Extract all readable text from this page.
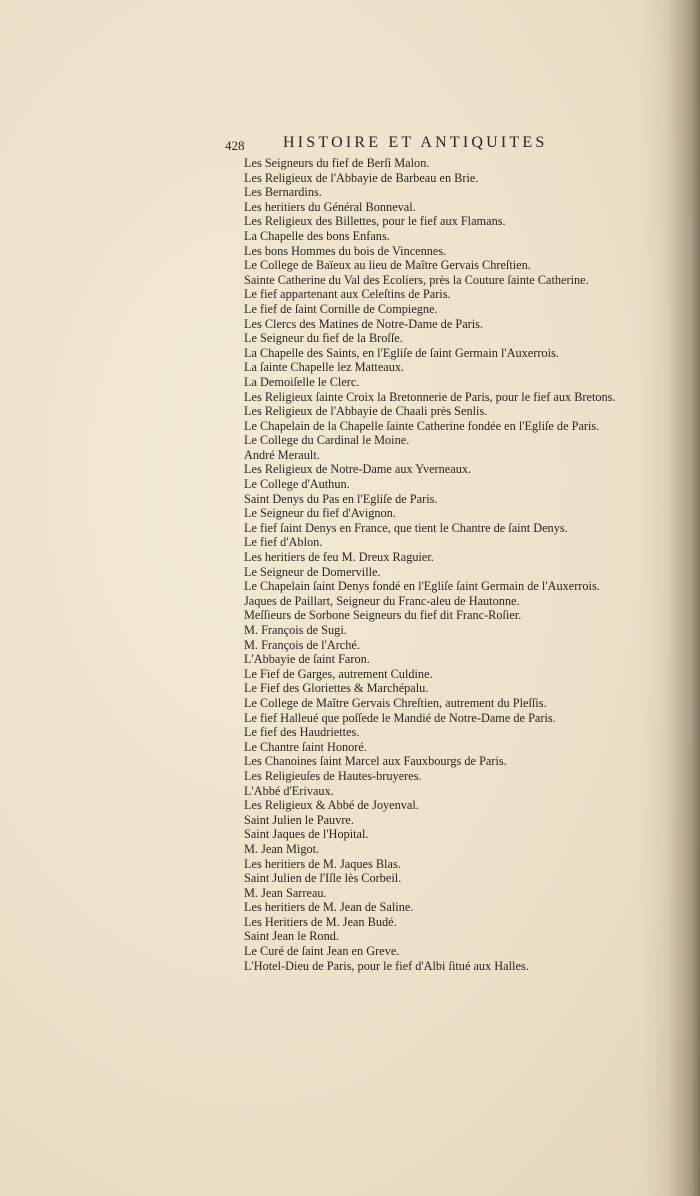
428 HISTOIRE ET ANTIQUITES
Les Seigneurs du fief de Berſi Malon.
Les Religieux de l'Abbayie de Barbeau en Brie.
Les Bernardins.
Les heritiers du Général Bonneval.
Les Religieux des Billettes, pour le fief aux Flamans.
La Chapelle des bons Enfans.
Les bons Hommes du bois de Vincennes.
Le College de Baïeux au lieu de Maître Gervais Chreſtien.
Sainte Catherine du Val des Ecoliers, près la Couture ſainte Catherine.
Le fief appartenant aux Celeſtins de Paris.
Le fief de ſaint Cornille de Compiegne.
Les Clercs des Matines de Notre-Dame de Paris.
Le Seigneur du fief de la Broſſe.
La Chapelle des Saints, en l'Egliſe de ſaint Germain l'Auxerrois.
La ſainte Chapelle lez Matteaux.
La Demoiſelle le Clerc.
Les Religieux ſainte Croix la Bretonnerie de Paris, pour le fief aux Bretons.
Les Religieux de l'Abbayie de Chaali près Senlis.
Le Chapelain de la Chapelle ſainte Catherine fondée en l'Egliſe de Paris.
Le College du Cardinal le Moine.
André Merault.
Les Religieux de Notre-Dame aux Yverneaux.
Le College d'Authun.
Saint Denys du Pas en l'Egliſe de Paris.
Le Seigneur du fief d'Avignon.
Le fief ſaint Denys en France, que tient le Chantre de ſaint Denys.
Le fief d'Ablon.
Les heritiers de feu M. Dreux Raguier.
Le Seigneur de Domerville.
Le Chapelain ſaint Denys fondé en l'Egliſe ſaint Germain de l'Auxerrois.
Jaques de Paillart, Seigneur du Franc-aleu de Hautonne.
Meſſieurs de Sorbone Seigneurs du fief dit Franc-Roſier.
M. François de Sugi.
M. François de l'Arché.
L'Abbayie de ſaint Faron.
Le Fief de Garges, autrement Culdine.
Le Fief des Gloriettes & Marchépalu.
Le College de Maître Gervais Chreſtien, autrement du Pleſſis.
Le fief Halleué que poſſede le Mandié de Notre-Dame de Paris.
Le fief des Haudriettes.
Le Chantre ſaint Honoré.
Les Chanoines ſaint Marcel aux Fauxbourgs de Paris.
Les Religieuſes de Hautes-bruyeres.
L'Abbé d'Erivaux.
Les Religieux & Abbé de Joyenval.
Saint Julien le Pauvre.
Saint Jaques de l'Hopital.
M. Jean Migot.
Les heritiers de M. Jaques Blas.
Saint Julien de l'Iſle lès Corbeil.
M. Jean Sarreau.
Les heritiers de M. Jean de Saline.
Les Heritiers de M. Jean Budé.
Saint Jean le Rond.
Le Curé de ſaint Jean en Greve.
L'Hotel-Dieu de Paris, pour le fief d'Albi ſitué aux Halles.
